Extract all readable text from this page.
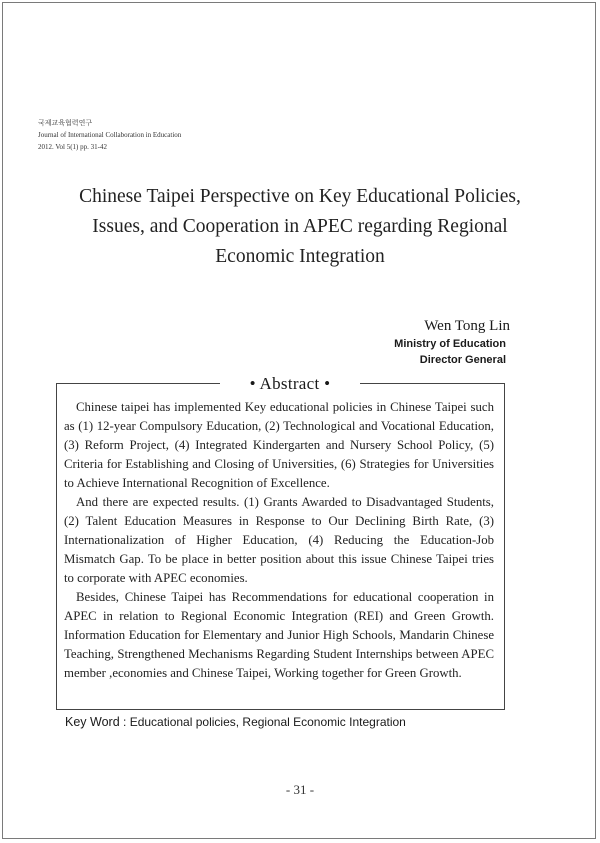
국제교육협력연구
Journal of International Collaboration in Education
2012. Vol 5(1) pp. 31-42
Chinese Taipei Perspective on Key Educational Policies,
Issues, and Cooperation in APEC regarding Regional
Economic Integration
Wen Tong Lin
Ministry of Education
Director General
• Abstract •

Chinese taipei has implemented Key educational policies in Chinese Taipei such as (1) 12-year Compulsory Education, (2) Technological and Vocational Education, (3) Reform Project, (4) Integrated Kindergarten and Nursery School Policy, (5) Criteria for Establishing and Closing of Universities, (6) Strategies for Universities to Achieve International Recognition of Excellence.

And there are expected results. (1) Grants Awarded to Disadvantaged Students, (2) Talent Education Measures in Response to Our Declining Birth Rate, (3) Internationalization of Higher Education, (4) Reducing the Education-Job Mismatch Gap. To be place in better position about this issue Chinese Taipei tries to corporate with APEC economies.

Besides, Chinese Taipei has Recommendations for educational cooperation in APEC in relation to Regional Economic Integration (REI) and Green Growth. Information Education for Elementary and Junior High Schools, Mandarin Chinese Teaching, Strengthened Mechanisms Regarding Student Internships between APEC member ,economies and Chinese Taipei, Working together for Green Growth.

Key Word : Educational policies, Regional Economic Integration
- 31 -
